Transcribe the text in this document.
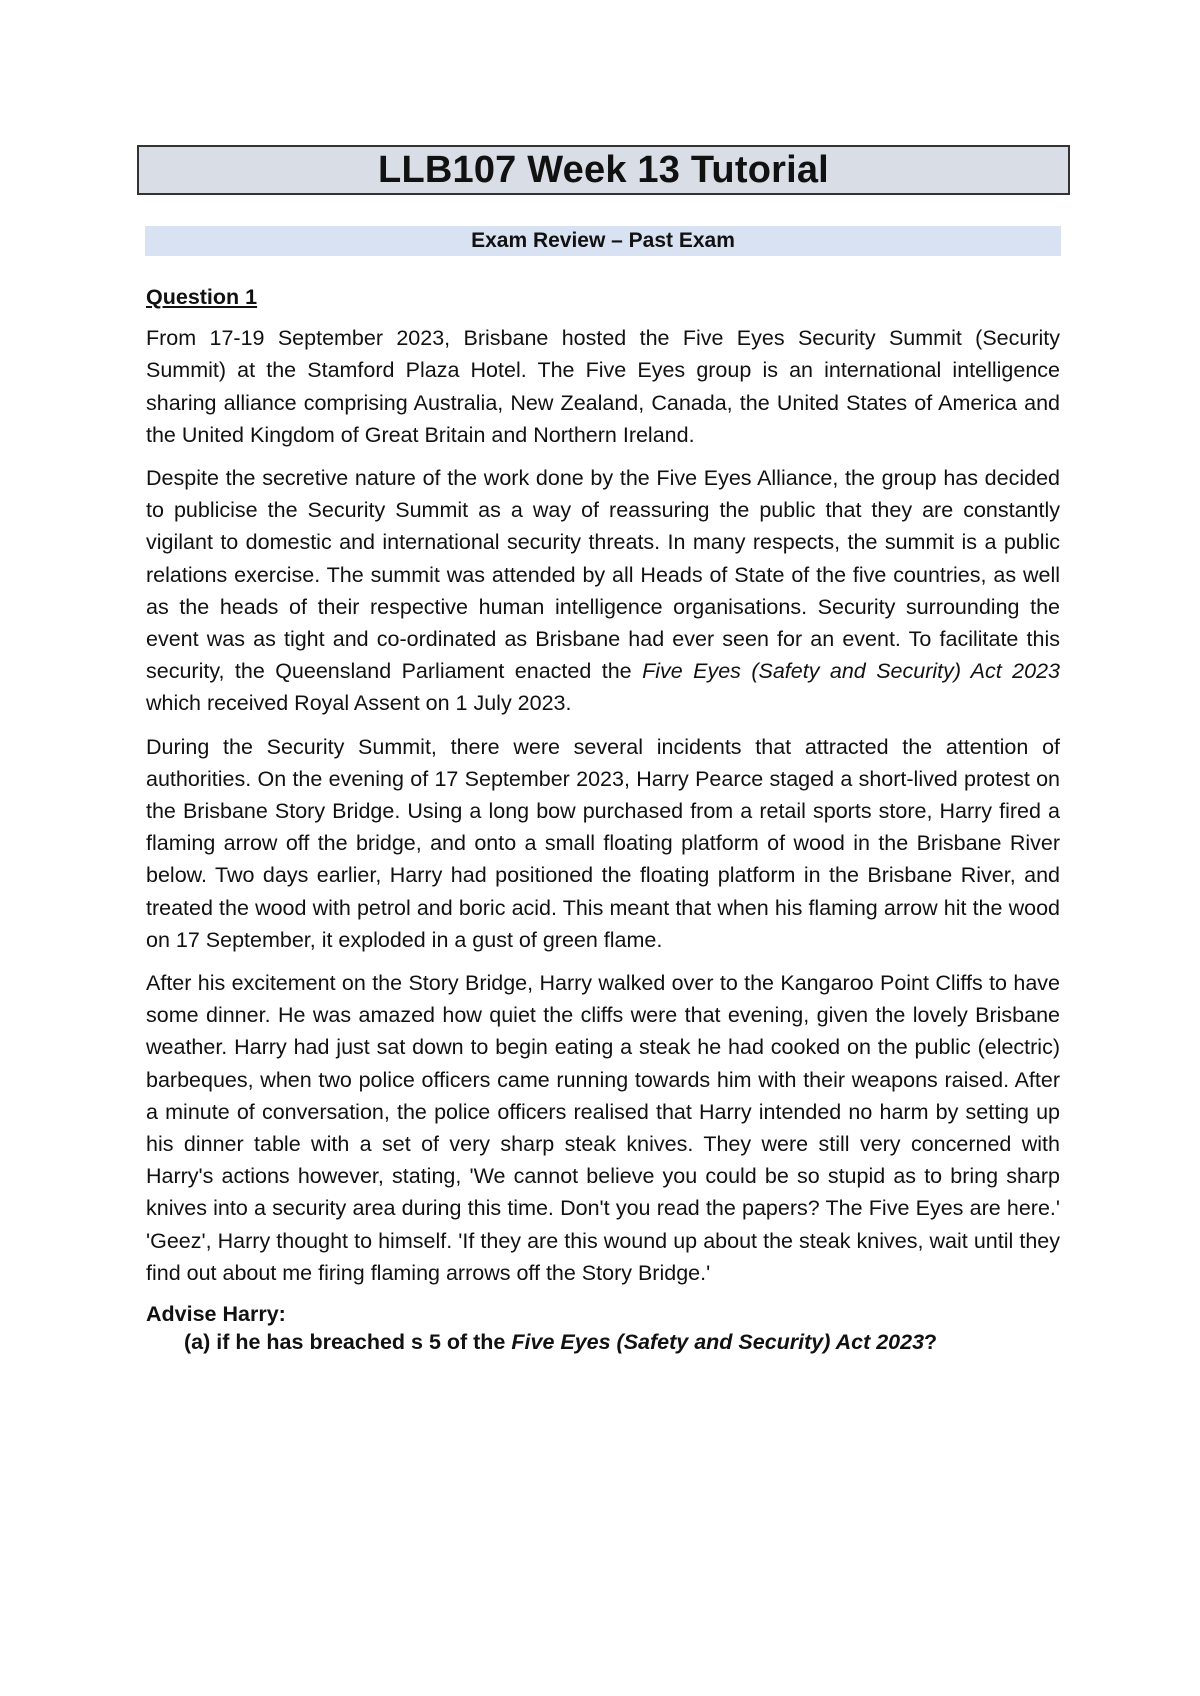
LLB107 Week 13 Tutorial
Exam Review – Past Exam

Question 1

From 17-19 September 2023, Brisbane hosted the Five Eyes Security Summit (Security Summit) at the Stamford Plaza Hotel. The Five Eyes group is an international intelligence sharing alliance comprising Australia, New Zealand, Canada, the United States of America and the United Kingdom of Great Britain and Northern Ireland.

Despite the secretive nature of the work done by the Five Eyes Alliance, the group has decided to publicise the Security Summit as a way of reassuring the public that they are constantly vigilant to domestic and international security threats. In many respects, the summit is a public relations exercise. The summit was attended by all Heads of State of the five countries, as well as the heads of their respective human intelligence organisations. Security surrounding the event was as tight and co-ordinated as Brisbane had ever seen for an event. To facilitate this security, the Queensland Parliament enacted the Five Eyes (Safety and Security) Act 2023 which received Royal Assent on 1 July 2023.

During the Security Summit, there were several incidents that attracted the attention of authorities. On the evening of 17 September 2023, Harry Pearce staged a short-lived protest on the Brisbane Story Bridge. Using a long bow purchased from a retail sports store, Harry fired a flaming arrow off the bridge, and onto a small floating platform of wood in the Brisbane River below. Two days earlier, Harry had positioned the floating platform in the Brisbane River, and treated the wood with petrol and boric acid. This meant that when his flaming arrow hit the wood on 17 September, it exploded in a gust of green flame.

After his excitement on the Story Bridge, Harry walked over to the Kangaroo Point Cliffs to have some dinner. He was amazed how quiet the cliffs were that evening, given the lovely Brisbane weather. Harry had just sat down to begin eating a steak he had cooked on the public (electric) barbeques, when two police officers came running towards him with their weapons raised. After a minute of conversation, the police officers realised that Harry intended no harm by setting up his dinner table with a set of very sharp steak knives. They were still very concerned with Harry's actions however, stating, 'We cannot believe you could be so stupid as to bring sharp knives into a security area during this time. Don't you read the papers? The Five Eyes are here.' 'Geez', Harry thought to himself. 'If they are this wound up about the steak knives, wait until they find out about me firing flaming arrows off the Story Bridge.'

Advise Harry:

(a) if he has breached s 5 of the Five Eyes (Safety and Security) Act 2023?
